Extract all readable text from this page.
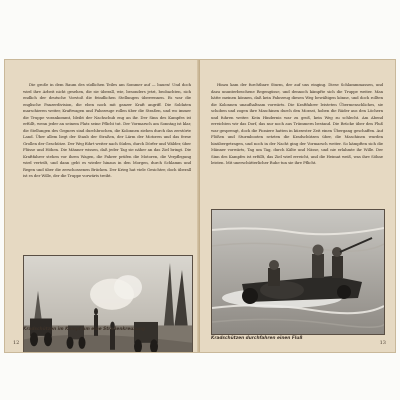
Die große in dem Raum des südlichen Teiles am Sommer auf — bauen! Und doch wird ihre Arbeit nicht gesehen, die sie überall, wie, besonders jetzt, beobachten, sich endlich der deutsche Vorstoß die feindlichen Stellungen überrennen. Es war die englische Panzerdivision, die eben noch mit ganzer Kraft angriff. Die Soldaten marschieren weiter, Kraftwagen und Fahrzeuge rollen über die Straßen, und wo immer die Truppe vorankommt, bleibt der Nachschub eng an ihr. Der Sinn des Kampfes ist erfüllt, wenn jeder an seinem Platz seine Pflicht tut. Der Vormarsch am Sonntag ist klar, die Stellungen des Gegners sind durchbrochen, die Kolonnen ziehen durch das zerstörte Land. Über allem liegt der Staub der Straßen, der Lärm der Motoren und das ferne Grollen der Geschütze. Der Weg führt weiter nach Süden, durch Dörfer und Wälder, über Flüsse und Höhen. Die Männer wissen, daß jeder Tag sie näher an das Ziel bringt. Die Kraftfahrer stehen vor ihren Wagen, die Fahrer prüfen die Motoren, die Verpflegung wird verteilt, und dann geht es wieder hinaus in den Morgen, durch Schlamm und Regen und über die zerschossenen Brücken. Der Krieg hat viele Gesichter, doch überall ist es der Wille, der die Truppe vorwärts treibt.

Kradschützen im Kampf um eine Straßenkreuzung
12

Hinzu kam der furchtbare Sturm, der auf uns einging. Diese Schlammmassen, und dazu ununterbrochene Regengüsse, und dennoch kämpfte sich die Truppe weiter. Man hätte meinen können, daß kein Fahrzeug diesen Weg bewältigen könne, und doch rollten die Kolonnen unaufhaltsam vorwärts. Die Kraftfahrer leisteten Übermenschliches, sie schoben und zogen ihre Maschinen durch den Morast, hoben die Räder aus den Löchern und fuhren weiter. Kein Hindernis war zu groß, kein Weg zu schlecht. Am Abend erreichten wir das Dorf, das nur noch aus Trümmern bestand. Die Brücke über den Fluß war gesprengt, doch die Pioniere hatten in kürzester Zeit einen Übergang geschaffen. Auf Flößen und Sturmbooten setzten die Kradschützen über, die Maschinen wurden hinübergetragen, und noch in der Nacht ging der Vormarsch weiter. So kämpften sich die Männer vorwärts, Tag um Tag, durch Kälte und Nässe, und nie erlahmte ihr Wille. Der Sinn des Kampfes ist erfüllt, das Ziel wird erreicht, und die Heimat weiß, was ihre Söhne leisten. Mit unerschütterlicher Ruhe tun sie ihre Pflicht.

Kradschützen durchfahren einen Fluß
13
